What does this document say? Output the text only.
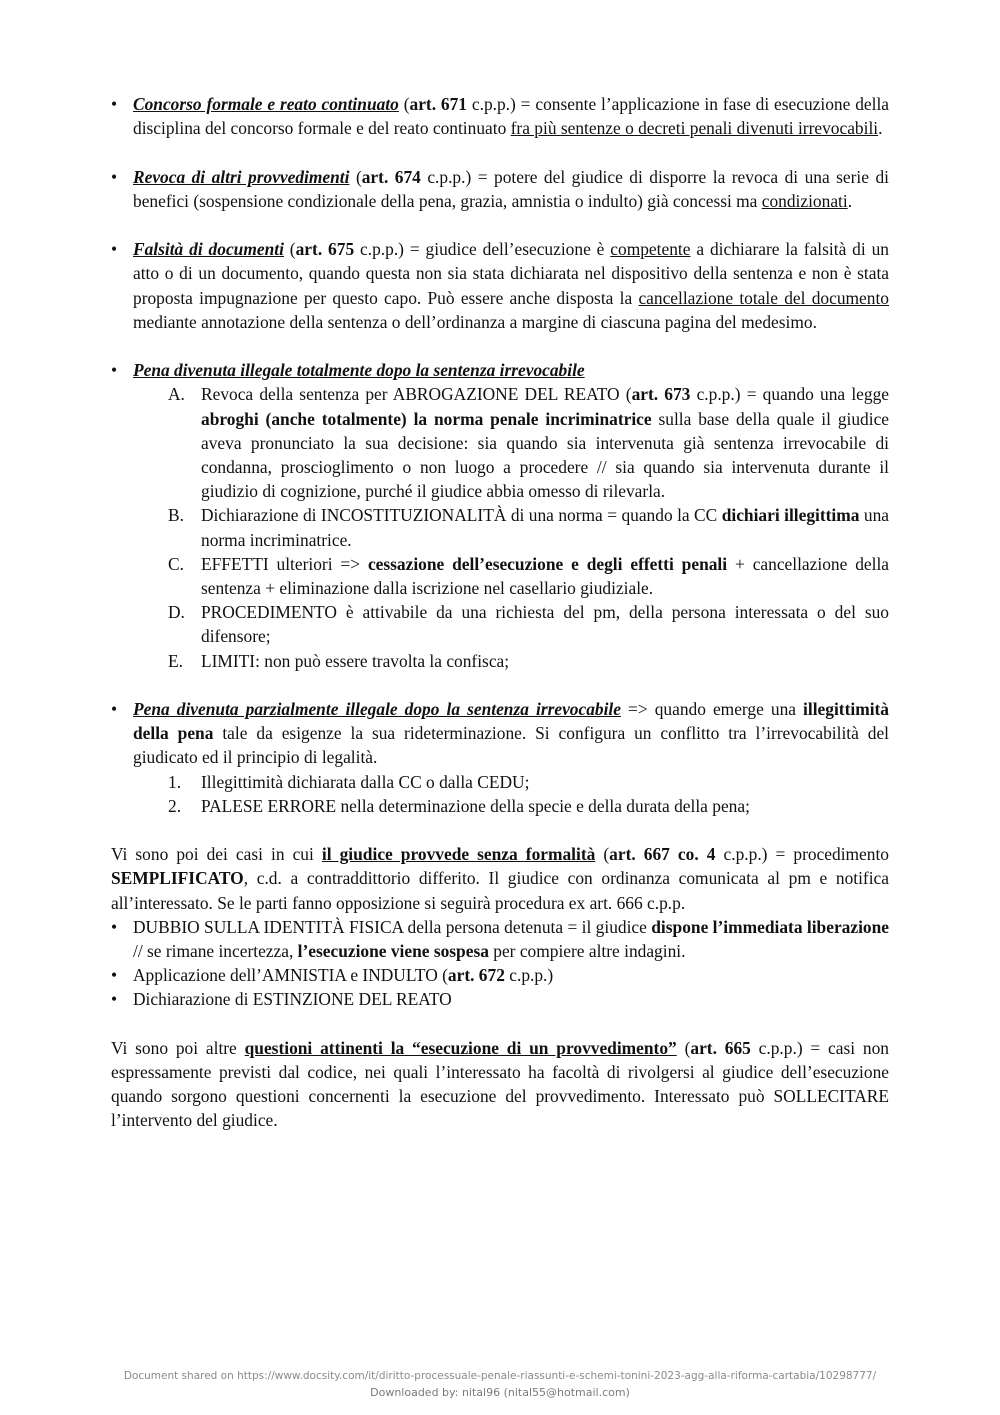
• Concorso formale e reato continuato (art. 671 c.p.p.) = consente l’applicazione in fase di esecuzione della disciplina del concorso formale e del reato continuato fra più sentenze o decreti penali divenuti irrevocabili.
• Revoca di altri provvedimenti (art. 674 c.p.p.) = potere del giudice di disporre la revoca di una serie di benefici (sospensione condizionale della pena, grazia, amnistia o indulto) già concessi ma condizionati.
• Falsità di documenti (art. 675 c.p.p.) = giudice dell’esecuzione è competente a dichiarare la falsità di un atto o di un documento, quando questa non sia stata dichiarata nel dispositivo della sentenza e non è stata proposta impugnazione per questo capo. Può essere anche disposta la cancellazione totale del documento mediante annotazione della sentenza o dell’ordinanza a margine di ciascuna pagina del medesimo.
• Pena divenuta illegale totalmente dopo la sentenza irrevocabile
A. Revoca della sentenza per ABROGAZIONE DEL REATO (art. 673 c.p.p.) = quando una legge abroghi (anche totalmente) la norma penale incriminatrice sulla base della quale il giudice aveva pronunciato la sua decisione: sia quando sia intervenuta già sentenza irrevocabile di condanna, proscioglimento o non luogo a procedere // sia quando sia intervenuta durante il giudizio di cognizione, purché il giudice abbia omesso di rilevarla.
B. Dichiarazione di INCOSTITUZIONALITÀ di una norma = quando la CC dichiari illegittima una norma incriminatrice.
C. EFFETTI ulteriori => cessazione dell’esecuzione e degli effetti penali + cancellazione della sentenza + eliminazione dalla iscrizione nel casellario giudiziale.
D. PROCEDIMENTO è attivabile da una richiesta del pm, della persona interessata o del suo difensore;
E. LIMITI: non può essere travolta la confisca;
• Pena divenuta parzialmente illegale dopo la sentenza irrevocabile => quando emerge una illegittimità della pena tale da esigenze la sua rideterminazione. Si configura un conflitto tra l’irrevocabilità del giudicato ed il principio di legalità.
1. Illegittimità dichiarata dalla CC o dalla CEDU;
2. PALESE ERRORE nella determinazione della specie e della durata della pena;
Vi sono poi dei casi in cui il giudice provvede senza formalità (art. 667 co. 4 c.p.p.) = procedimento SEMPLIFICATO, c.d. a contraddittorio differito. Il giudice con ordinanza comunicata al pm e notifica all’interessato. Se le parti fanno opposizione si seguirà procedura ex art. 666 c.p.p.
• DUBBIO SULLA IDENTITÀ FISICA della persona detenuta = il giudice dispone l’immediata liberazione // se rimane incertezza, l’esecuzione viene sospesa per compiere altre indagini.
• Applicazione dell’AMNISTIA e INDULTO (art. 672 c.p.p.)
• Dichiarazione di ESTINZIONE DEL REATO
Vi sono poi altre questioni attinenti la “esecuzione di un provvedimento” (art. 665 c.p.p.) = casi non espressamente previsti dal codice, nei quali l’interessato ha facoltà di rivolgersi al giudice dell’esecuzione quando sorgono questioni concernenti la esecuzione del provvedimento. Interessato può SOLLECITARE l’intervento del giudice.
Document shared on https://www.docsity.com/it/diritto-processuale-penale-riassunti-e-schemi-tonini-2023-agg-alla-riforma-cartabia/10298777/
Downloaded by: nital96 (nital55@hotmail.com)
